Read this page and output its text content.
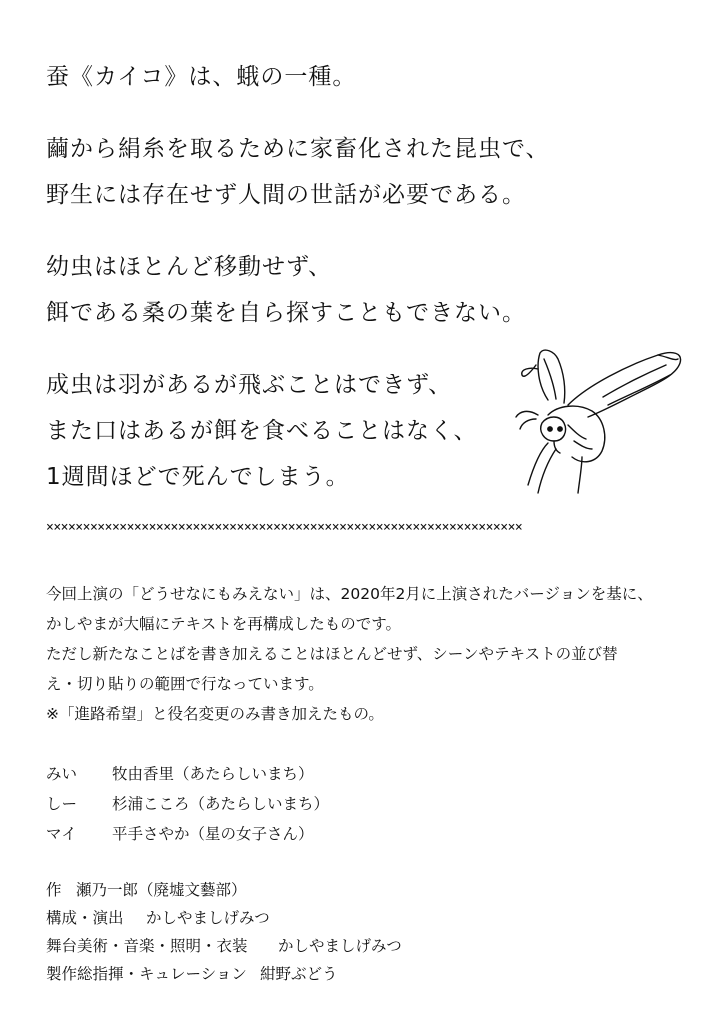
蚕《カイコ》は、蛾の一種。
繭から絹糸を取るために家畜化された昆虫で、
野生には存在せず人間の世話が必要である。
幼虫はほとんど移動せず、
餌である桑の葉を自ら探すこともできない。
成虫は羽があるが飛ぶことはできず、
また口はあるが餌を食べることはなく、
1週間ほどで死んでしまう。
×××××××××××××××××××××××××××××××××××××××××××××××××××××××××××××××××
今回上演の「どうせなにもみえない」は、2020年2月に上演されたバージョンを基に、
かしやまが大幅にテキストを再構成したものです。
ただし新たなことばを書き加えることはほとんどせず、シーンやテキストの並び替
え・切り貼りの範囲で行なっています。
※「進路希望」と役名変更のみ書き加えたもの。
みい 牧由香里（あたらしいまち）
しー 杉浦こころ（あたらしいまち）
マイ 平手さやか（星の女子さん）
作 瀬乃一郎（廃墟文藝部）
構成・演出 かしやましげみつ
舞台美術・音楽・照明・衣装 かしやましげみつ
製作総指揮・キュレーション 紺野ぶどう
